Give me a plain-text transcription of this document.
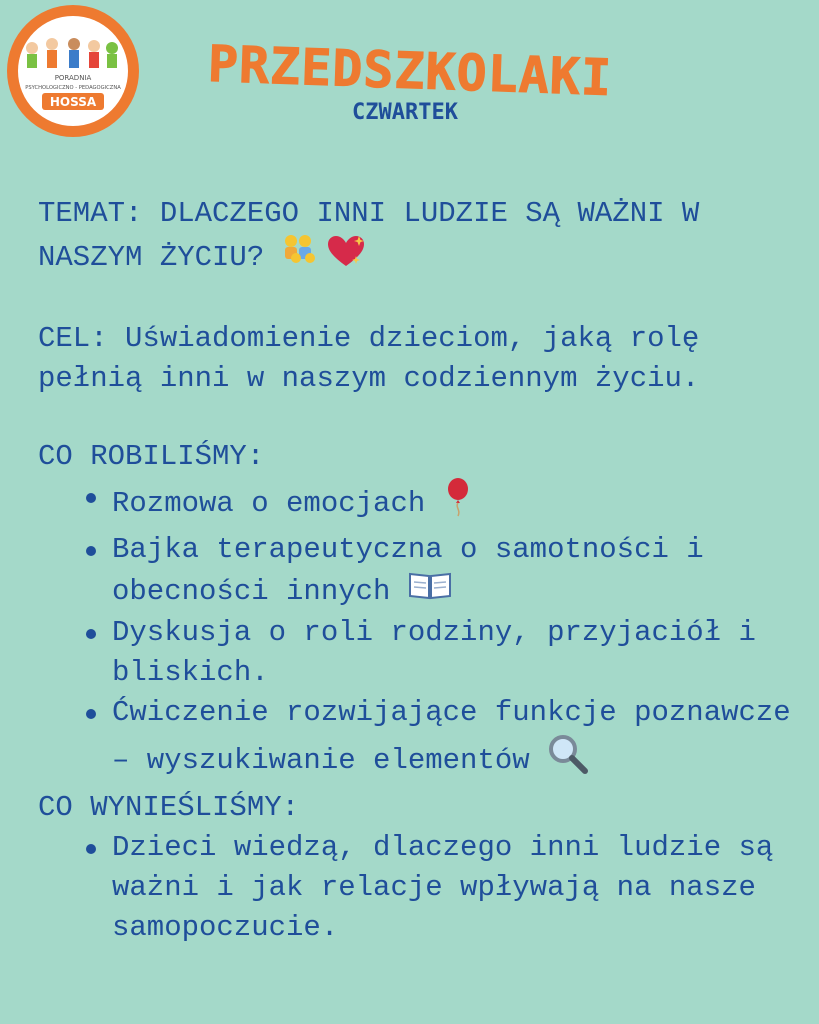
PORADNIA
PSYCHOLOGICZNO - PEDAGOGICZNA
HOSSA	PRZEDSZKOLAKI
CZWARTEK

TEMAT: DLACZEGO INNI LUDZIE SĄ WAŻNI W NASZYM ŻYCIU?

CEL: Uświadomienie dzieciom, jaką rolę pełnią inni w naszym codziennym życiu.

CO ROBILIŚMY:

Rozmowa o emocjach
Bajka terapeutyczna o samotności i obecności innych
Dyskusja o roli rodziny, przyjaciół i bliskich.
Ćwiczenie rozwijające funkcje poznawcze – wyszukiwanie elementów

CO WYNIEŚLIŚMY:

Dzieci wiedzą, dlaczego inni ludzie są ważni i jak relacje wpływają na nasze samopoczucie.
